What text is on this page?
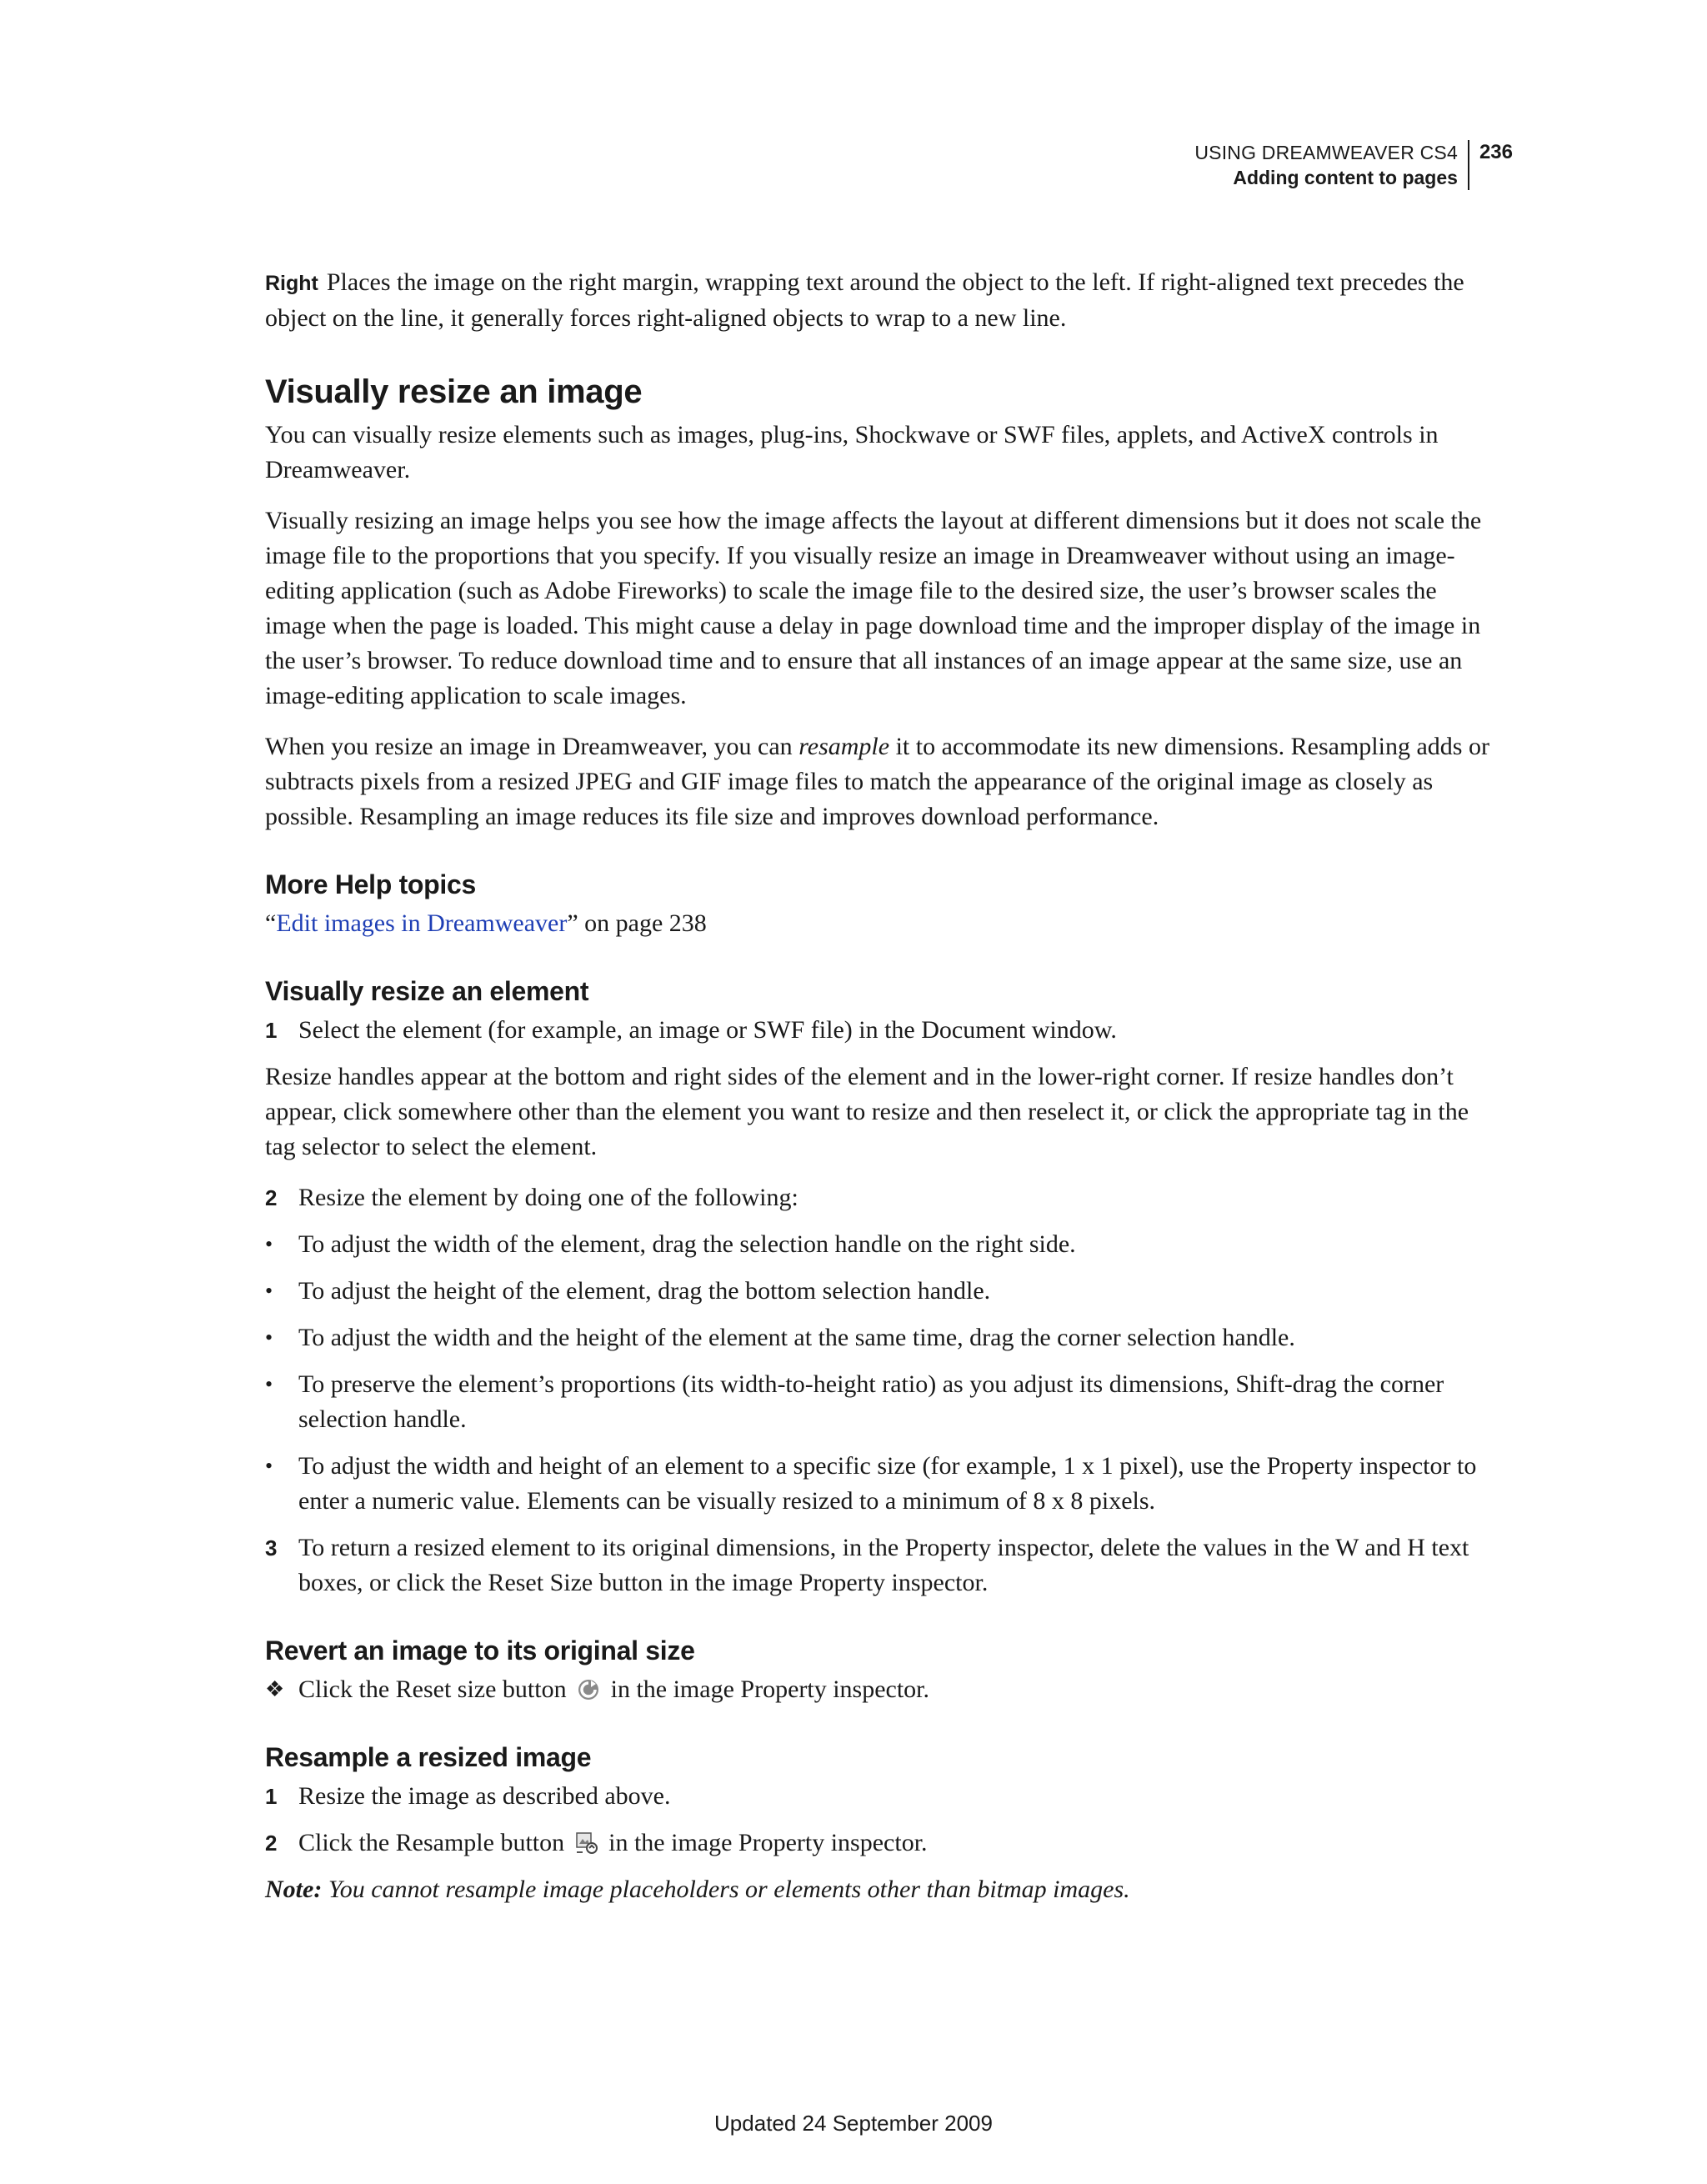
USING DREAMWEAVER CS4
Adding content to pages
236

Right Places the image on the right margin, wrapping text around the object to the left. If right-aligned text precedes the object on the line, it generally forces right-aligned objects to wrap to a new line.

Visually resize an image

You can visually resize elements such as images, plug-ins, Shockwave or SWF files, applets, and ActiveX controls in Dreamweaver.

Visually resizing an image helps you see how the image affects the layout at different dimensions but it does not scale the image file to the proportions that you specify. If you visually resize an image in Dreamweaver without using an image-editing application (such as Adobe Fireworks) to scale the image file to the desired size, the user’s browser scales the image when the page is loaded. This might cause a delay in page download time and the improper display of the image in the user’s browser. To reduce download time and to ensure that all instances of an image appear at the same size, use an image-editing application to scale images.

When you resize an image in Dreamweaver, you can resample it to accommodate its new dimensions. Resampling adds or subtracts pixels from a resized JPEG and GIF image files to match the appearance of the original image as closely as possible. Resampling an image reduces its file size and improves download performance.

More Help topics

“Edit images in Dreamweaver” on page 238

Visually resize an element
1 Select the element (for example, an image or SWF file) in the Document window.

Resize handles appear at the bottom and right sides of the element and in the lower-right corner. If resize handles don’t appear, click somewhere other than the element you want to resize and then reselect it, or click the appropriate tag in the tag selector to select the element.

2 Resize the element by doing one of the following:
•	To adjust the width of the element, drag the selection handle on the right side.
•	To adjust the height of the element, drag the bottom selection handle.
•	To adjust the width and the height of the element at the same time, drag the corner selection handle.
•	To preserve the element’s proportions (its width-to-height ratio) as you adjust its dimensions, Shift-drag the corner selection handle.
•	To adjust the width and height of an element to a specific size (for example, 1 x 1 pixel), use the Property inspector to enter a numeric value. Elements can be visually resized to a minimum of 8 x 8 pixels.
3 To return a resized element to its original dimensions, in the Property inspector, delete the values in the W and H text boxes, or click the Reset Size button in the image Property inspector.
Revert an image to its original size
❖ Click the Reset size button  in the image Property inspector.
Resample a resized image
1 Resize the image as described above.
2 Click the Resample button  in the image Property inspector.

Note: You cannot resample image placeholders or elements other than bitmap images.

Updated 24 September 2009
